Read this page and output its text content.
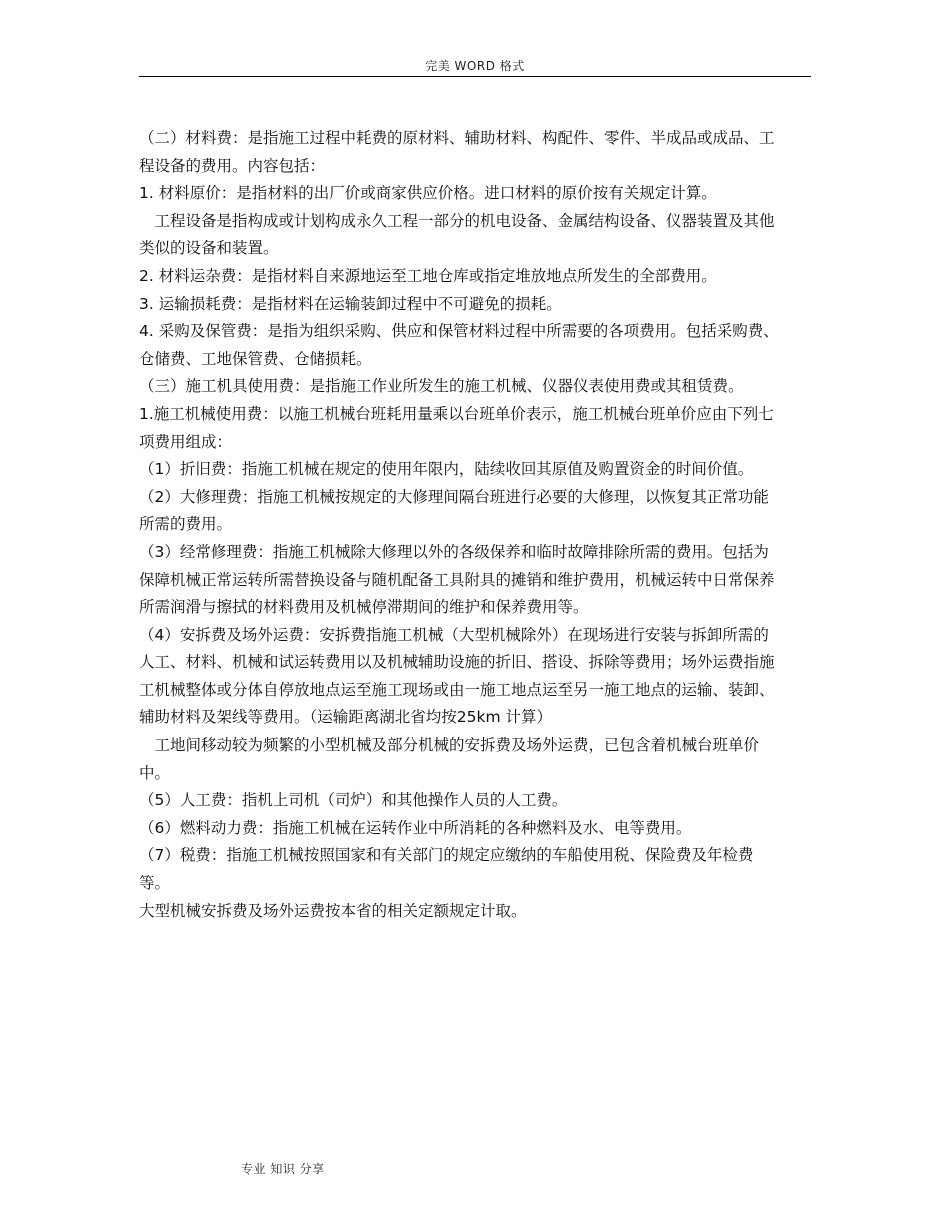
完美 WORD 格式

（二）材料费：是指施工过程中耗费的原材料、辅助材料、构配件、零件、半成品或成品、工程设备的费用。内容包括：

1. 材料原价：是指材料的出厂价或商家供应价格。进口材料的原价按有关规定计算。

　工程设备是指构成或计划构成永久工程一部分的机电设备、金属结构设备、仪器装置及其他类似的设备和装置。

2. 材料运杂费：是指材料自来源地运至工地仓库或指定堆放地点所发生的全部费用。

3. 运输损耗费：是指材料在运输装卸过程中不可避免的损耗。

4. 采购及保管费：是指为组织采购、供应和保管材料过程中所需要的各项费用。包括采购费、仓储费、工地保管费、仓储损耗。

（三）施工机具使用费：是指施工作业所发生的施工机械、仪器仪表使用费或其租赁费。

1.施工机械使用费：以施工机械台班耗用量乘以台班单价表示，施工机械台班单价应由下列七项费用组成：

（1）折旧费：指施工机械在规定的使用年限内，陆续收回其原值及购置资金的时间价值。

（2）大修理费：指施工机械按规定的大修理间隔台班进行必要的大修理，以恢复其正常功能所需的费用。

（3）经常修理费：指施工机械除大修理以外的各级保养和临时故障排除所需的费用。包括为保障机械正常运转所需替换设备与随机配备工具附具的摊销和维护费用，机械运转中日常保养所需润滑与擦拭的材料费用及机械停滞期间的维护和保养费用等。

（4）安拆费及场外运费：安拆费指施工机械（大型机械除外）在现场进行安装与拆卸所需的人工、材料、机械和试运转费用以及机械辅助设施的折旧、搭设、拆除等费用；场外运费指施工机械整体或分体自停放地点运至施工现场或由一施工地点运至另一施工地点的运输、装卸、辅助材料及架线等费用。（运输距离湖北省均按25km 计算）

　工地间移动较为频繁的小型机械及部分机械的安拆费及场外运费，已包含着机械台班单价中。

（5）人工费：指机上司机（司炉）和其他操作人员的人工费。

（6）燃料动力费：指施工机械在运转作业中所消耗的各种燃料及水、电等费用。

（7）税费：指施工机械按照国家和有关部门的规定应缴纳的车船使用税、保险费及年检费等。

大型机械安拆费及场外运费按本省的相关定额规定计取。

专业 知识 分享
